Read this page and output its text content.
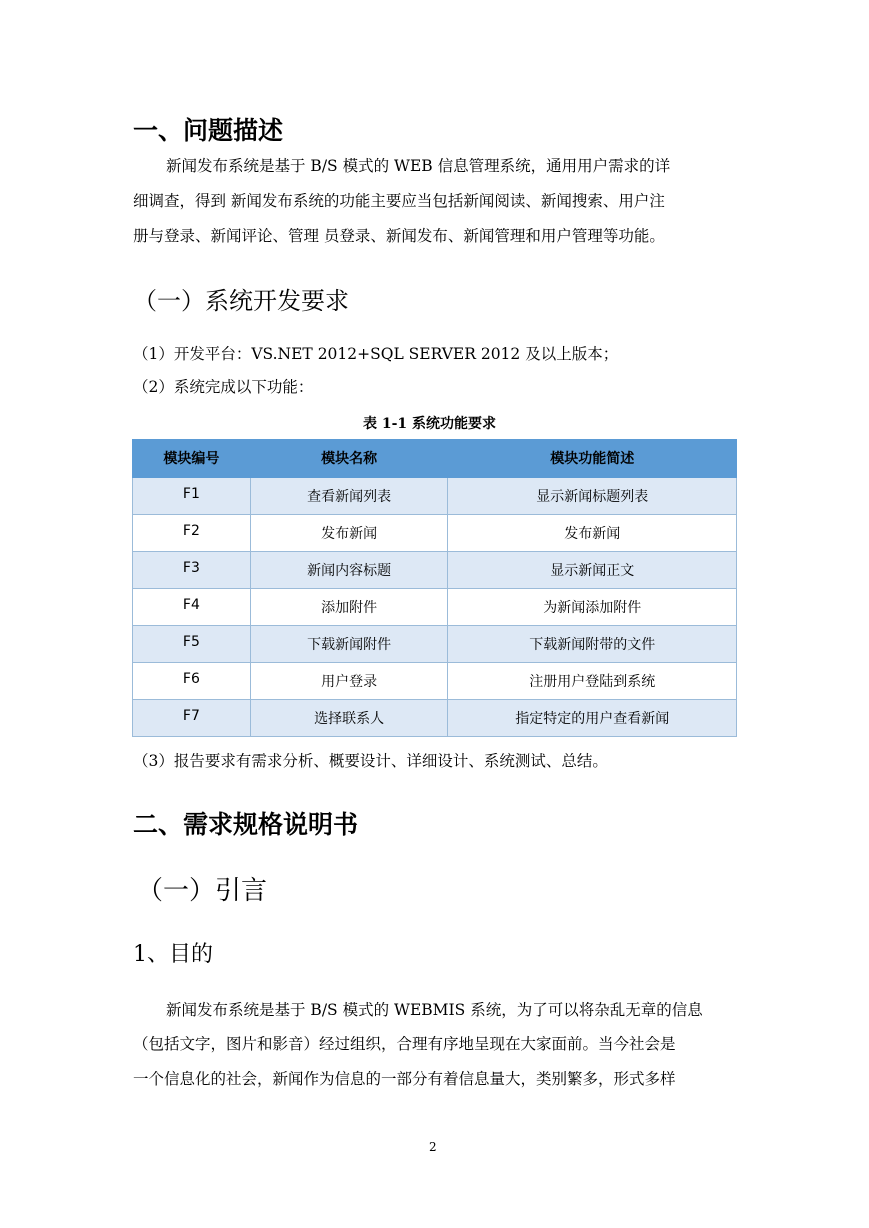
一、问题描述
新闻发布系统是基于 B/S 模式的 WEB 信息管理系统，通用用户需求的详
细调查，得到 新闻发布系统的功能主要应当包括新闻阅读、新闻搜索、用户注
册与登录、新闻评论、管理 员登录、新闻发布、新闻管理和用户管理等功能。
（一）系统开发要求
（1）开发平台：VS.NET 2012+SQL SERVER 2012 及以上版本；
（2）系统完成以下功能：
表 1-1 系统功能要求
模块编号	模块名称	模块功能简述
F1	查看新闻列表	显示新闻标题列表
F2	发布新闻	发布新闻
F3	新闻内容标题	显示新闻正文
F4	添加附件	为新闻添加附件
F5	下载新闻附件	下载新闻附带的文件
F6	用户登录	注册用户登陆到系统
F7	选择联系人	指定特定的用户查看新闻
（3）报告要求有需求分析、概要设计、详细设计、系统测试、总结。
二、需求规格说明书
（一）引言
1、目的
新闻发布系统是基于 B/S 模式的 WEBMIS 系统，为了可以将杂乱无章的信息
（包括文字，图片和影音）经过组织，合理有序地呈现在大家面前。当今社会是
一个信息化的社会，新闻作为信息的一部分有着信息量大，类别繁多，形式多样
2
